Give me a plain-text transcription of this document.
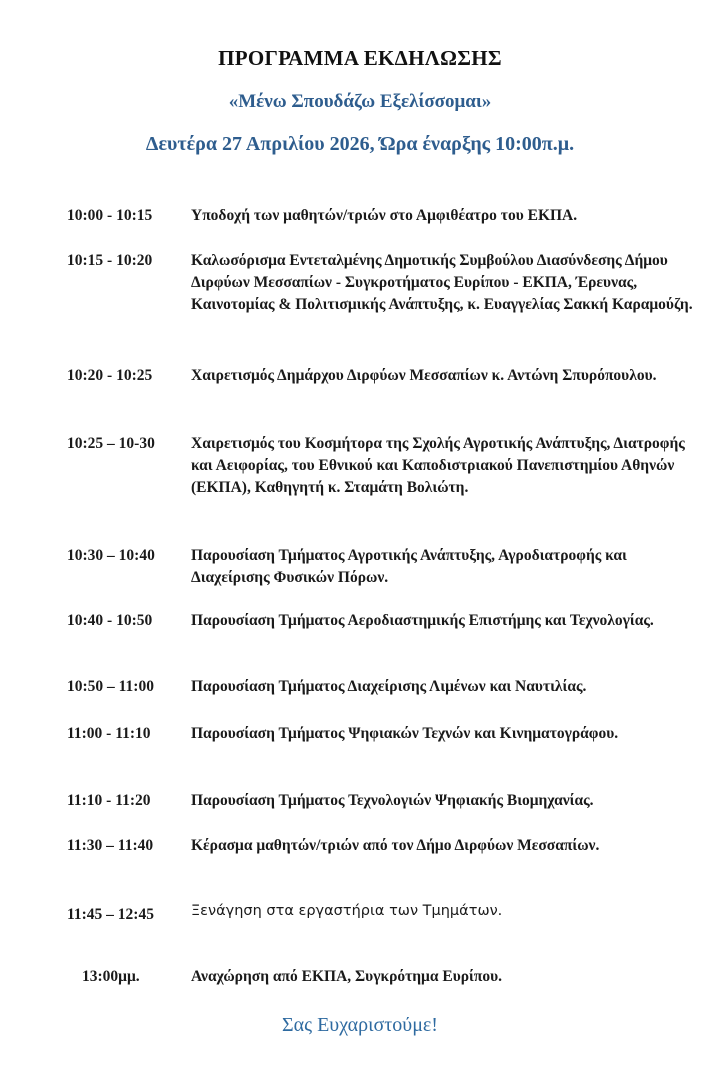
ΠΡΟΓΡΑΜΜΑ ΕΚΔΗΛΩΣΗΣ
«Μένω Σπουδάζω Εξελίσσομαι»
Δευτέρα 27 Απριλίου 2026, Ώρα έναρξης 10:00π.μ.
10:00 - 10:15	Υποδοχή των μαθητών/τριών στο Αμφιθέατρο του ΕΚΠΑ.
10:15 - 10:20	Καλωσόρισμα Εντεταλμένης Δημοτικής Συμβούλου Διασύνδεσης Δήμου Διρφύων Μεσσαπίων - Συγκροτήματος Ευρίπου - ΕΚΠΑ, Έρευνας, Καινοτομίας & Πολιτισμικής Ανάπτυξης, κ. Ευαγγελίας Σακκή Καραμούζη.
10:20 - 10:25	Χαιρετισμός Δημάρχου Διρφύων Μεσσαπίων κ. Αντώνη Σπυρόπουλου.
10:25 – 10-30	Χαιρετισμός του Κοσμήτορα της Σχολής Αγροτικής Ανάπτυξης, Διατροφής και Αειφορίας, του Εθνικού και Καποδιστριακού Πανεπιστημίου Αθηνών (ΕΚΠΑ), Καθηγητή κ. Σταμάτη Βολιώτη.
10:30 – 10:40	Παρουσίαση Τμήματος Αγροτικής Ανάπτυξης, Αγροδιατροφής και Διαχείρισης Φυσικών Πόρων.
10:40 - 10:50	Παρουσίαση Τμήματος Αεροδιαστημικής Επιστήμης και Τεχνολογίας.
10:50 – 11:00	Παρουσίαση Τμήματος Διαχείρισης Λιμένων και Ναυτιλίας.
11:00 - 11:10	Παρουσίαση Τμήματος Ψηφιακών Τεχνών και Κινηματογράφου.
11:10 - 11:20	Παρουσίαση Τμήματος Τεχνολογιών Ψηφιακής Βιομηχανίας.
11:30 – 11:40	Κέρασμα μαθητών/τριών από τον Δήμο Διρφύων Μεσσαπίων.
11:45 – 12:45	Ξενάγηση στα εργαστήρια των Τμημάτων.
13:00μμ.	Αναχώρηση από ΕΚΠΑ, Συγκρότημα Ευρίπου.
Σας Ευχαριστούμε!
